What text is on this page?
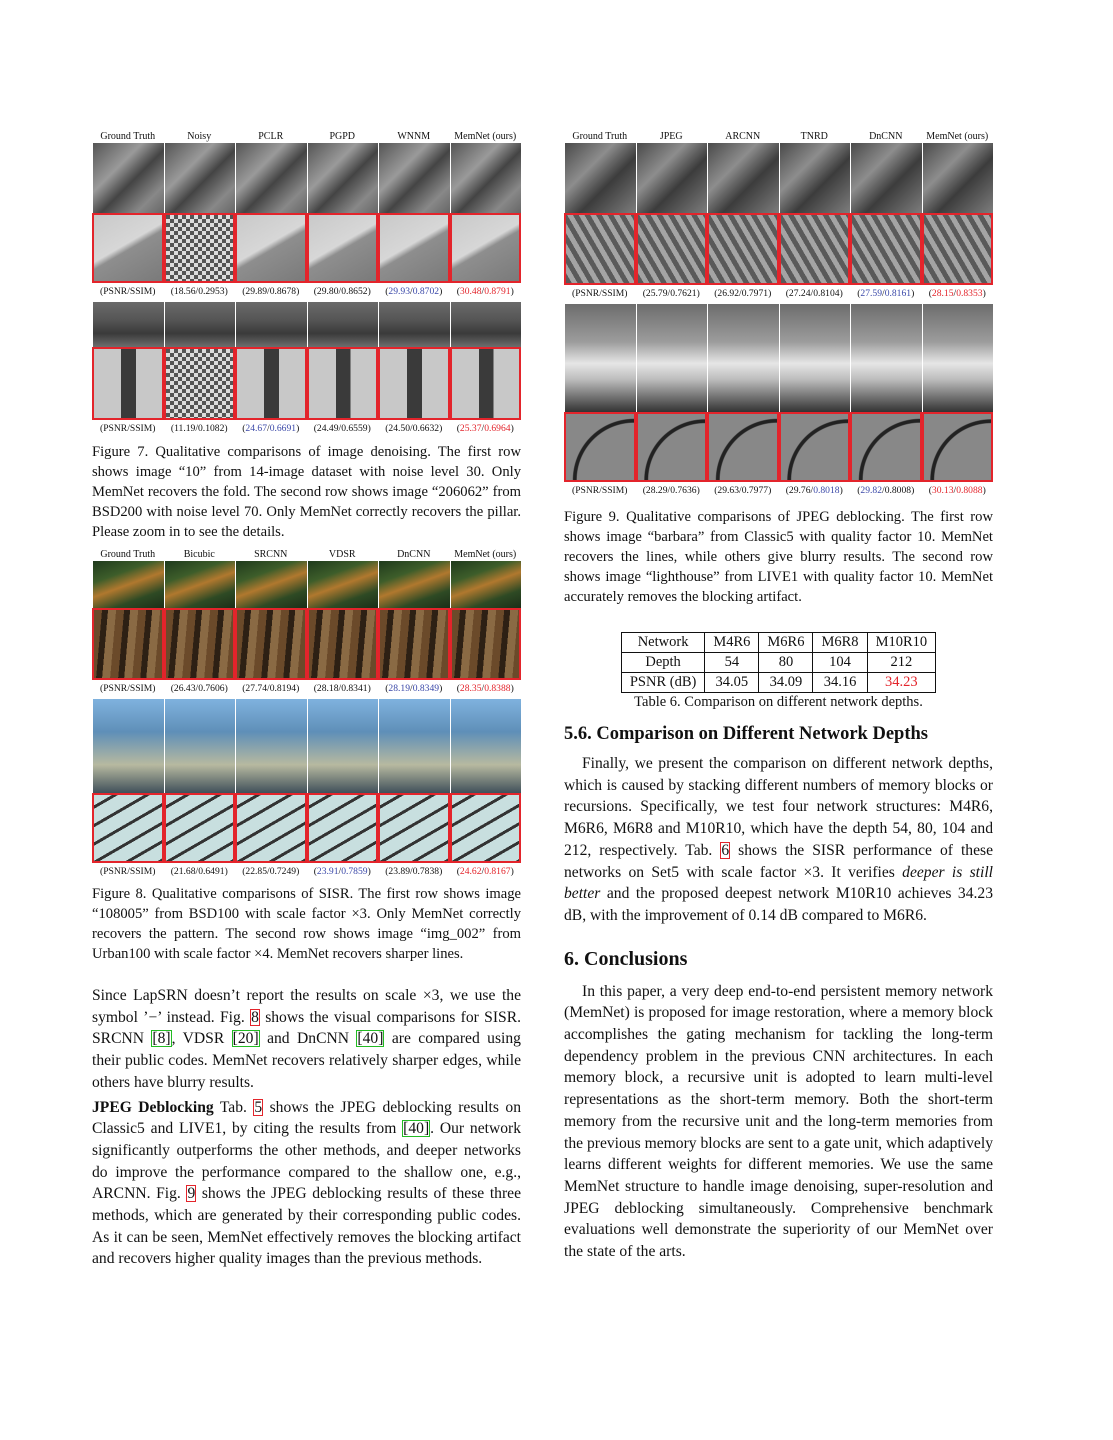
Ground Truth	Noisy	PCLR	PGPD	WNNM	MemNet (ours)
(PSNR/SSIM)	(18.56/0.2953)	(29.89/0.8678)	(29.80/0.8652)	(29.93/0.8702)	(30.48/0.8791)
(PSNR/SSIM)	(11.19/0.1082)	(24.67/0.6691)	(24.49/0.6559)	(24.50/0.6632)	(25.37/0.6964)

Figure 7. Qualitative comparisons of image denoising. The first row shows image “10” from 14-image dataset with noise level 30. Only MemNet recovers the fold. The second row shows image “206062” from BSD200 with noise level 70. Only MemNet correctly recovers the pillar. Please zoom in to see the details.

Ground Truth	Bicubic	SRCNN	VDSR	DnCNN	MemNet (ours)
(PSNR/SSIM)	(26.43/0.7606)	(27.74/0.8194)	(28.18/0.8341)	(28.19/0.8349)	(28.35/0.8388)
(PSNR/SSIM)	(21.68/0.6491)	(22.85/0.7249)	(23.91/0.7859)	(23.89/0.7838)	(24.62/0.8167)

Figure 8. Qualitative comparisons of SISR. The first row shows image “108005” from BSD100 with scale factor ×3. Only MemNet correctly recovers the pattern. The second row shows image “img_002” from Urban100 with scale factor ×4. MemNet recovers sharper lines.

Since LapSRN doesn’t report the results on scale ×3, we use the symbol ’−’ instead. Fig. 8 shows the visual comparisons for SISR. SRCNN [8], VDSR [20] and DnCNN [40] are compared using their public codes. MemNet recovers relatively sharper edges, while others have blurry results.

JPEG Deblocking Tab. 5 shows the JPEG deblocking results on Classic5 and LIVE1, by citing the results from [40]. Our network significantly outperforms the other methods, and deeper networks do improve the performance compared to the shallow one, e.g., ARCNN. Fig. 9 shows the JPEG deblocking results of these three methods, which are generated by their corresponding public codes. As it can be seen, MemNet effectively removes the blocking artifact and recovers higher quality images than the previous methods.

Ground Truth	JPEG	ARCNN	TNRD	DnCNN	MemNet (ours)
(PSNR/SSIM)	(25.79/0.7621)	(26.92/0.7971)	(27.24/0.8104)	(27.59/0.8161)	(28.15/0.8353)
(PSNR/SSIM)	(28.29/0.7636)	(29.63/0.7977)	(29.76/0.8018)	(29.82/0.8008)	(30.13/0.8088)

Figure 9. Qualitative comparisons of JPEG deblocking. The first row shows image “barbara” from Classic5 with quality factor 10. MemNet recovers the lines, while others give blurry results. The second row shows image “lighthouse” from LIVE1 with quality factor 10. MemNet accurately removes the blocking artifact.

Network	M4R6	M6R6	M6R8	M10R10
Depth	54	80	104	212
PSNR (dB)	34.05	34.09	34.16	34.23
Table 6. Comparison on different network depths.
5.6. Comparison on Different Network Depths

Finally, we present the comparison on different network depths, which is caused by stacking different numbers of memory blocks or recursions. Specifically, we test four network structures: M4R6, M6R6, M6R8 and M10R10, which have the depth 54, 80, 104 and 212, respectively. Tab. 6 shows the SISR performance of these networks on Set5 with scale factor ×3. It verifies deeper is still better and the proposed deepest network M10R10 achieves 34.23 dB, with the improvement of 0.14 dB compared to M6R6.

6. Conclusions

In this paper, a very deep end-to-end persistent memory network (MemNet) is proposed for image restoration, where a memory block accomplishes the gating mechanism for tackling the long-term dependency problem in the previous CNN architectures. In each memory block, a recursive unit is adopted to learn multi-level representations as the short-term memory. Both the short-term memory from the recursive unit and the long-term memories from the previous memory blocks are sent to a gate unit, which adaptively learns different weights for different memories. We use the same MemNet structure to handle image denoising, super-resolution and JPEG deblocking simultaneously. Comprehensive benchmark evaluations well demonstrate the superiority of our MemNet over the state of the arts.
